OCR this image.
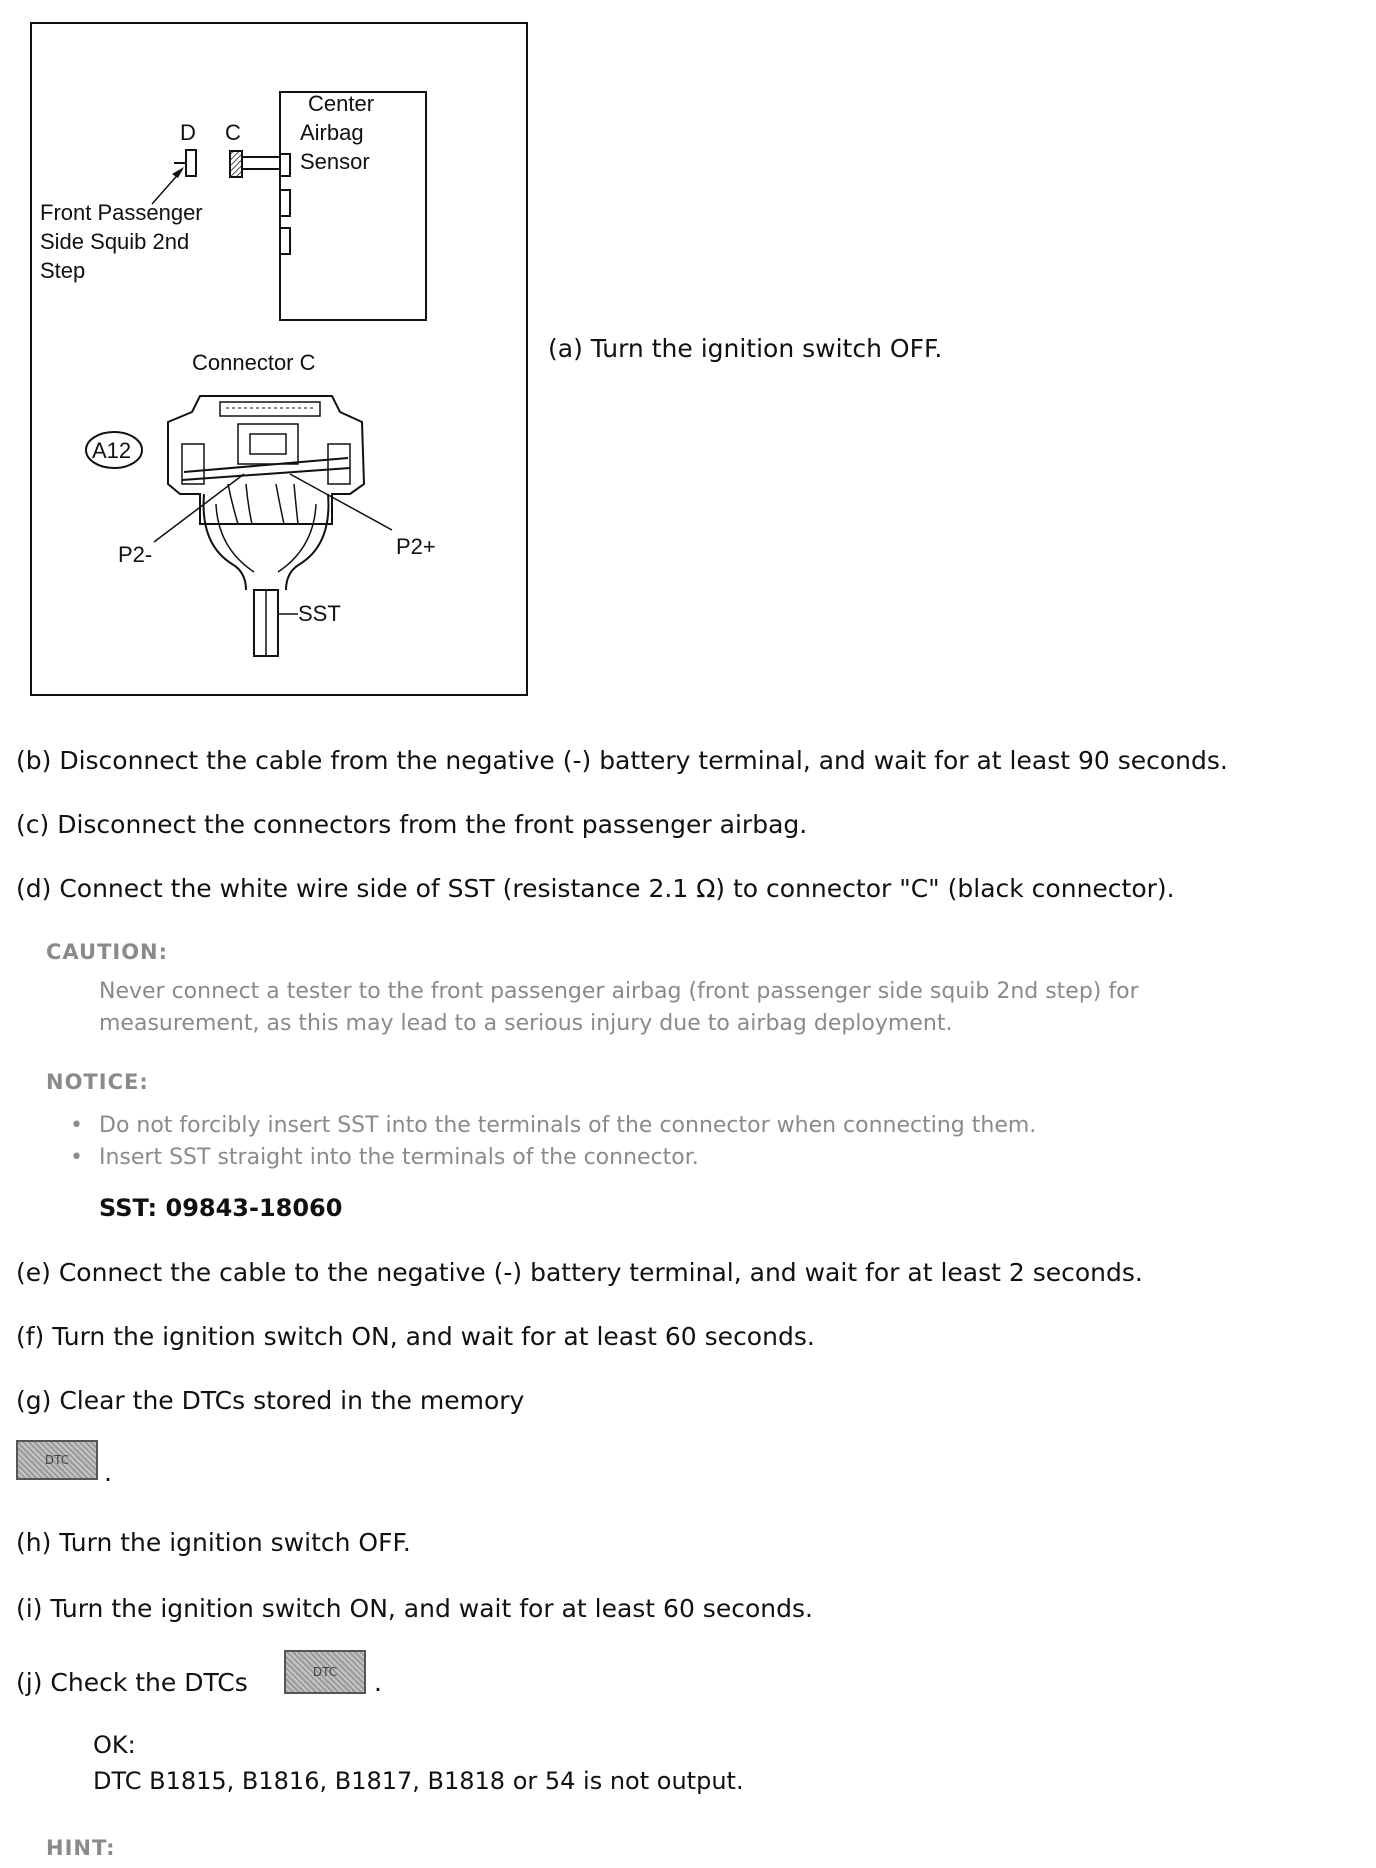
Center
Airbag
Sensor
D C
Front Passenger
Side Squib 2nd
Step
Connector C
A12
P2-	P2+
SST
(a) Turn the ignition switch OFF.
(b) Disconnect the cable from the negative (-) battery terminal, and wait for at least 90 seconds.
(c) Disconnect the connectors from the front passenger airbag.
(d) Connect the white wire side of SST (resistance 2.1 Ω) to connector "C" (black connector).
CAUTION:
Never connect a tester to the front passenger airbag (front passenger side squib 2nd step) for measurement, as this may lead to a serious injury due to airbag deployment.
NOTICE:
• Do not forcibly insert SST into the terminals of the connector when connecting them.
• Insert SST straight into the terminals of the connector.
SST: 09843-18060
(e) Connect the cable to the negative (-) battery terminal, and wait for at least 2 seconds.
(f) Turn the ignition switch ON, and wait for at least 60 seconds.
(g) Clear the DTCs stored in the memory
DTC .
(h) Turn the ignition switch OFF.
(i) Turn the ignition switch ON, and wait for at least 60 seconds.
(j) Check the DTCs	DTC .
OK:
DTC B1815, B1816, B1817, B1818 or 54 is not output.
HINT:
